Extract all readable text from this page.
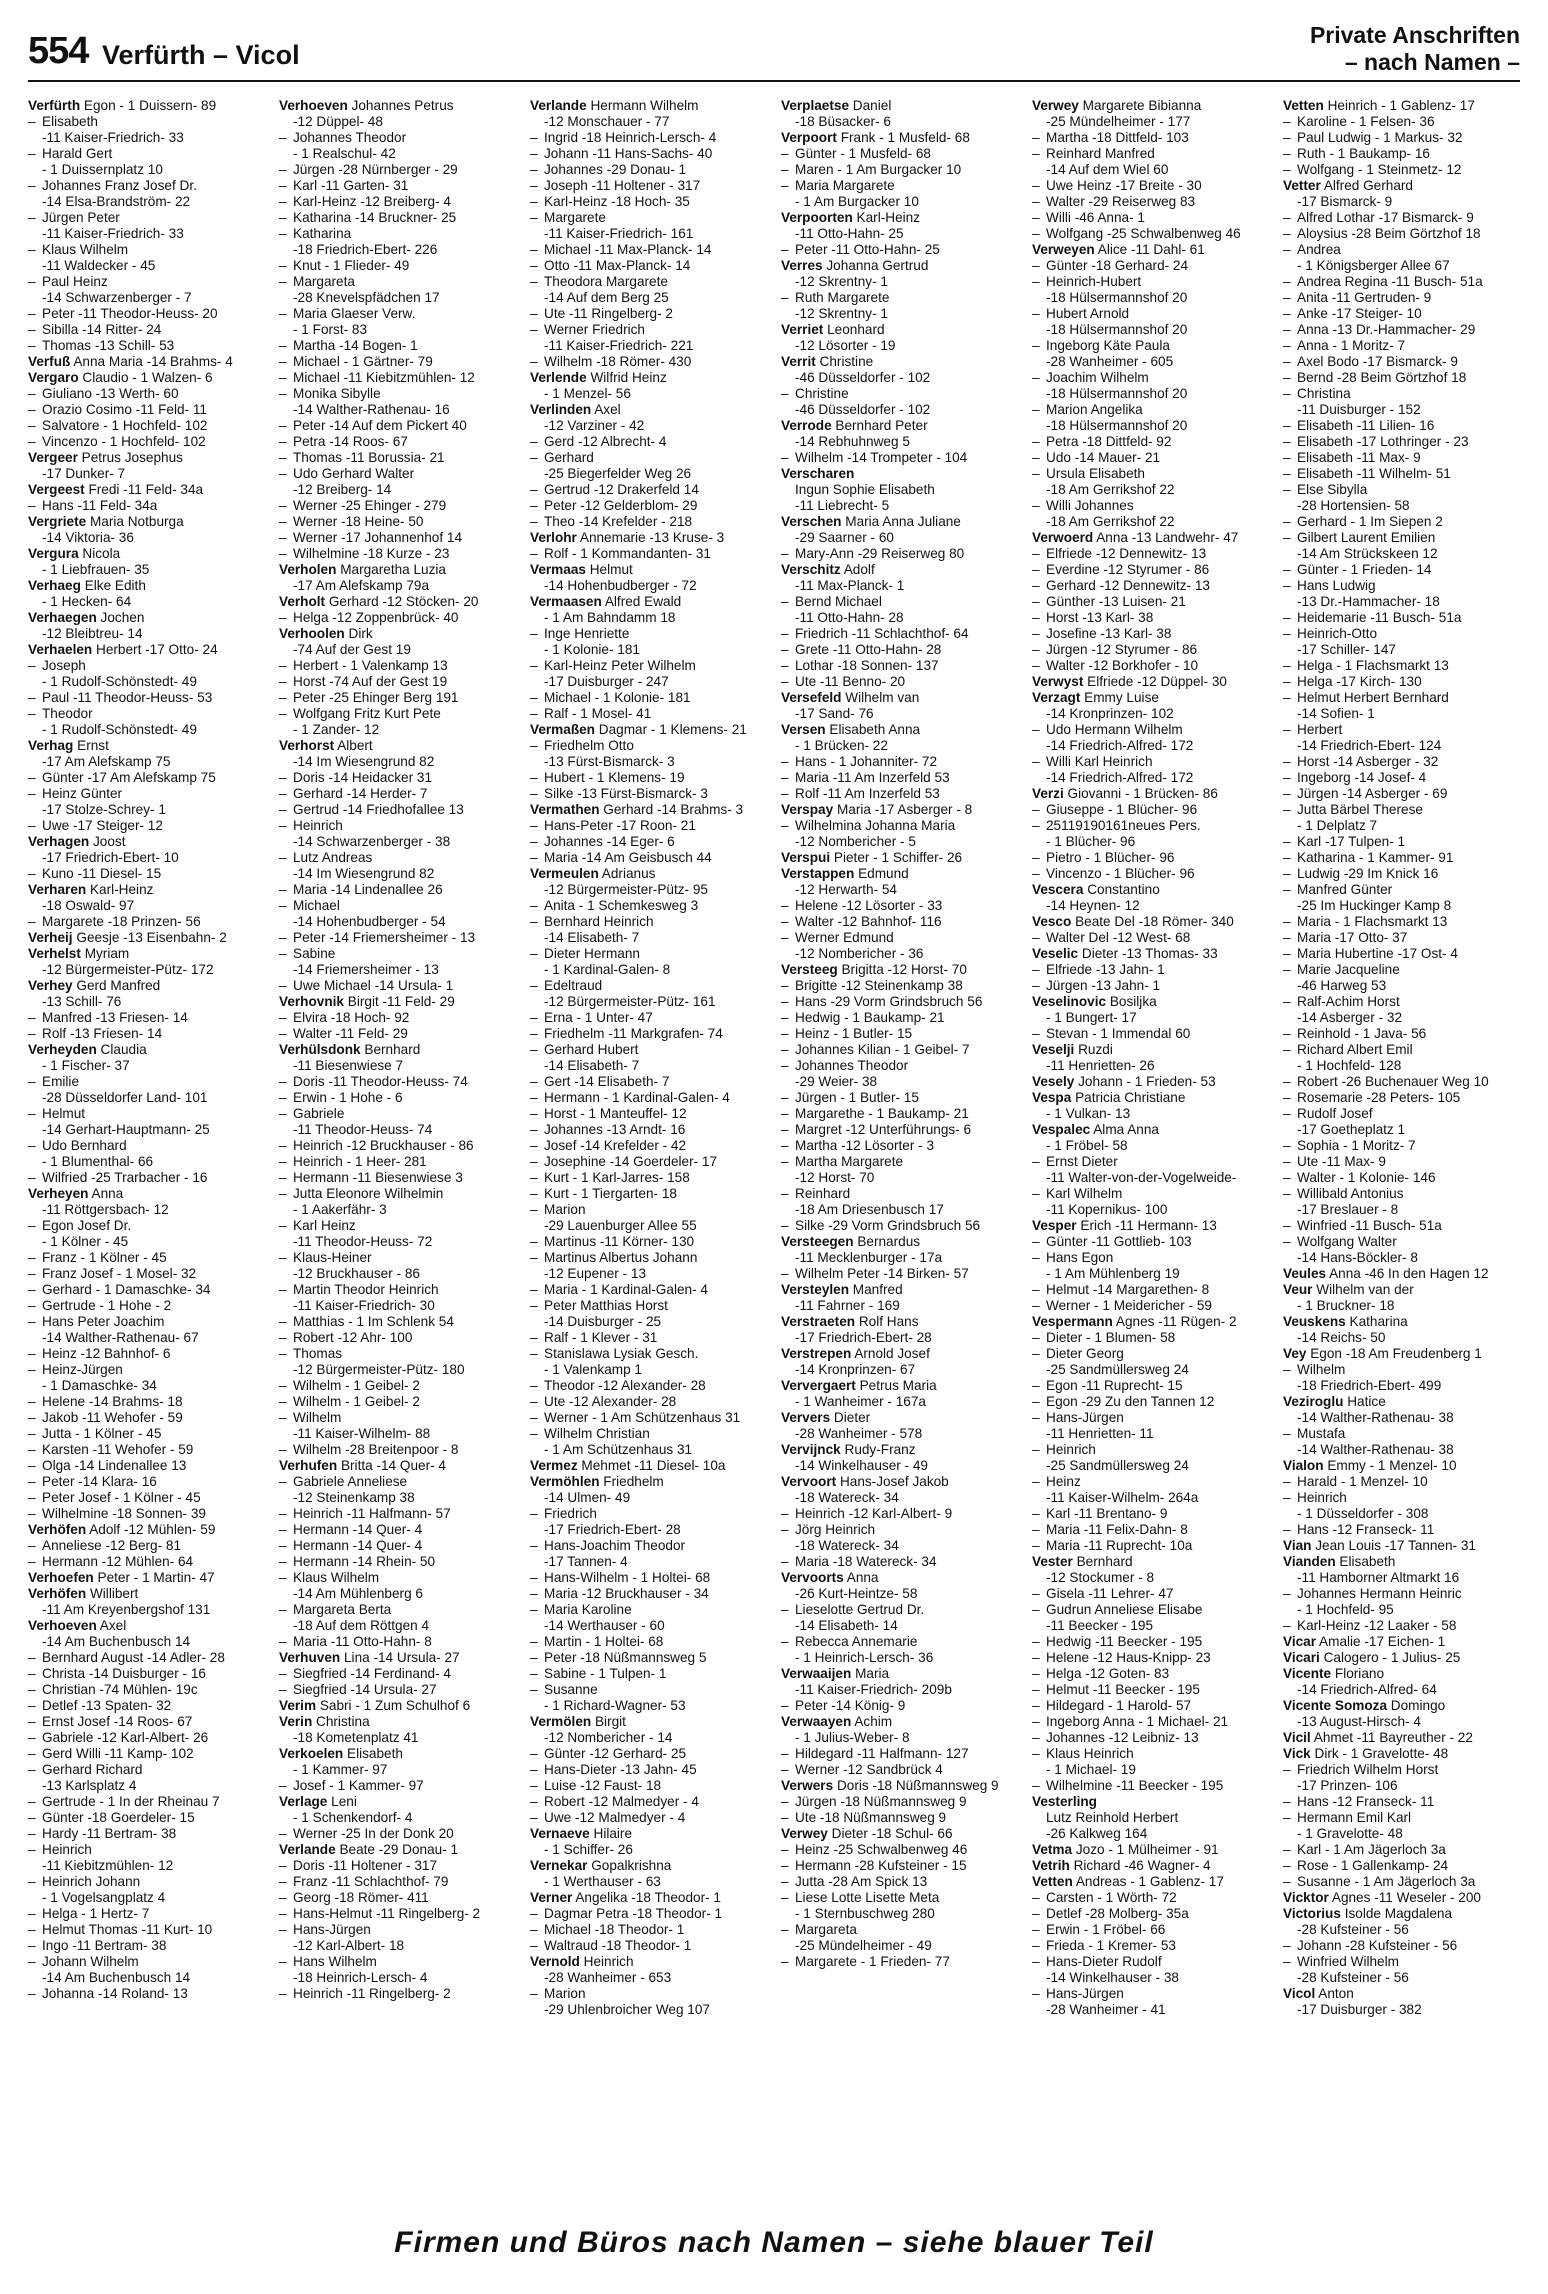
554 Verfürth – Vicol
Private Anschriften
– nach Namen –
Verfürth Egon - 1 Duissern- 89
– Elisabeth
-11 Kaiser-Friedrich- 33
– Harald Gert
- 1 Duissernplatz 10
– Johannes Franz Josef Dr.
-14 Elsa-Brandström- 22
– Jürgen Peter
-11 Kaiser-Friedrich- 33
– Klaus Wilhelm
-11 Waldecker - 45
– Paul Heinz
-14 Schwarzenberger - 7
– Peter -11 Theodor-Heuss- 20
– Sibilla -14 Ritter- 24
– Thomas -13 Schill- 53
Verfuß Anna Maria -14 Brahms- 4
Vergaro Claudio - 1 Walzen- 6
– Giuliano -13 Werth- 60
– Orazio Cosimo -11 Feld- 11
– Salvatore - 1 Hochfeld- 102
– Vincenzo - 1 Hochfeld- 102
Vergeer Petrus Josephus
-17 Dunker- 7
Vergeest Fredi -11 Feld- 34a
– Hans -11 Feld- 34a
Vergriete Maria Notburga
-14 Viktoria- 36
Vergura Nicola
- 1 Liebfrauen- 35
Verhaeg Elke Edith
- 1 Hecken- 64
Verhaegen Jochen
-12 Bleibtreu- 14
Verhaelen Herbert -17 Otto- 24
– Joseph
- 1 Rudolf-Schönstedt- 49
– Paul -11 Theodor-Heuss- 53
– Theodor
- 1 Rudolf-Schönstedt- 49
Verhag Ernst
-17 Am Alefskamp 75
– Günter -17 Am Alefskamp 75
– Heinz Günter
-17 Stolze-Schrey- 1
– Uwe -17 Steiger- 12
Verhagen Joost
-17 Friedrich-Ebert- 10
– Kuno -11 Diesel- 15
Verharen Karl-Heinz
-18 Oswald- 97
– Margarete -18 Prinzen- 56
Verheij Geesje -13 Eisenbahn- 2
Verhelst Myriam
-12 Bürgermeister-Pütz- 172
Verhey Gerd Manfred
-13 Schill- 76
– Manfred -13 Friesen- 14
– Rolf -13 Friesen- 14
Verheyden Claudia
- 1 Fischer- 37
– Emilie
-28 Düsseldorfer Land- 101
– Helmut
-14 Gerhart-Hauptmann- 25
– Udo Bernhard
- 1 Blumenthal- 66
– Wilfried -25 Trarbacher - 16
Verheyen Anna
-11 Röttgersbach- 12
– Egon Josef Dr.
- 1 Kölner - 45
– Franz - 1 Kölner - 45
– Franz Josef - 1 Mosel- 32
– Gerhard - 1 Damaschke- 34
– Gertrude - 1 Hohe - 2
– Hans Peter Joachim
-14 Walther-Rathenau- 67
– Heinz -12 Bahnhof- 6
– Heinz-Jürgen
- 1 Damaschke- 34
– Helene -14 Brahms- 18
– Jakob -11 Wehofer - 59
– Jutta - 1 Kölner - 45
– Karsten -11 Wehofer - 59
– Olga -14 Lindenallee 13
– Peter -14 Klara- 16
– Peter Josef - 1 Kölner - 45
– Wilhelmine -18 Sonnen- 39
Verhöfen Adolf -12 Mühlen- 59
– Anneliese -12 Berg- 81
– Hermann -12 Mühlen- 64
Verhoefen Peter - 1 Martin- 47
Verhöfen Willibert
-11 Am Kreyenbergshof 131
Verhoeven Axel
-14 Am Buchenbusch 14
– Bernhard August -14 Adler- 28
– Christa -14 Duisburger - 16
– Christian -74 Mühlen- 19c
– Detlef -13 Spaten- 32
– Ernst Josef -14 Roos- 67
– Gabriele -12 Karl-Albert- 26
– Gerd Willi -11 Kamp- 102
– Gerhard Richard
-13 Karlsplatz 4
– Gertrude - 1 In der Rheinau 7
– Günter -18 Goerdeler- 15
– Hardy -11 Bertram- 38
– Heinrich
-11 Kiebitzmühlen- 12
– Heinrich Johann
- 1 Vogelsangplatz 4
– Helga - 1 Hertz- 7
– Helmut Thomas -11 Kurt- 10
– Ingo -11 Bertram- 38
– Johann Wilhelm
-14 Am Buchenbusch 14
– Johanna -14 Roland- 13
Verhoeven Johannes Petrus
-12 Düppel- 48
– Johannes Theodor
- 1 Realschul- 42
– Jürgen -28 Nürnberger - 29
– Karl -11 Garten- 31
– Karl-Heinz -12 Breiberg- 4
– Katharina -14 Bruckner- 25
– Katharina
-18 Friedrich-Ebert- 226
– Knut - 1 Flieder- 49
– Margareta
-28 Knevelspfädchen 17
– Maria Glaeser Verw.
- 1 Forst- 83
– Martha -14 Bogen- 1
– Michael - 1 Gärtner- 79
– Michael -11 Kiebitzmühlen- 12
– Monika Sibylle
-14 Walther-Rathenau- 16
– Peter -14 Auf dem Pickert 40
– Petra -14 Roos- 67
– Thomas -11 Borussia- 21
– Udo Gerhard Walter
-12 Breiberg- 14
– Werner -25 Ehinger - 279
– Werner -18 Heine- 50
– Werner -17 Johannenhof 14
– Wilhelmine -18 Kurze - 23
Verholen Margaretha Luzia
-17 Am Alefskamp 79a
Verholt Gerhard -12 Stöcken- 20
– Helga -12 Zoppenbrück- 40
Verhoolen Dirk
-74 Auf der Gest 19
– Herbert - 1 Valenkamp 13
– Horst -74 Auf der Gest 19
– Peter -25 Ehinger Berg 191
– Wolfgang Fritz Kurt Pete
- 1 Zander- 12
Verhorst Albert
-14 Im Wiesengrund 82
– Doris -14 Heidacker 31
– Gerhard -14 Herder- 7
– Gertrud -14 Friedhofallee 13
– Heinrich
-14 Schwarzenberger - 38
– Lutz Andreas
-14 Im Wiesengrund 82
– Maria -14 Lindenallee 26
– Michael
-14 Hohenbudberger - 54
– Peter -14 Friemersheimer - 13
– Sabine
-14 Friemersheimer - 13
– Uwe Michael -14 Ursula- 1
Verhovnik Birgit -11 Feld- 29
– Elvira -18 Hoch- 92
– Walter -11 Feld- 29
Verhülsdonk Bernhard
-11 Biesenwiese 7
– Doris -11 Theodor-Heuss- 74
– Erwin - 1 Hohe - 6
– Gabriele
-11 Theodor-Heuss- 74
– Heinrich -12 Bruckhauser - 86
– Heinrich - 1 Heer- 281
– Hermann -11 Biesenwiese 3
– Jutta Eleonore Wilhelmin
- 1 Aakerfähr- 3
– Karl Heinz
-11 Theodor-Heuss- 72
– Klaus-Heiner
-12 Bruckhauser - 86
– Martin Theodor Heinrich
-11 Kaiser-Friedrich- 30
– Matthias - 1 Im Schlenk 54
– Robert -12 Ahr- 100
– Thomas
-12 Bürgermeister-Pütz- 180
– Wilhelm - 1 Geibel- 2
– Wilhelm - 1 Geibel- 2
– Wilhelm
-11 Kaiser-Wilhelm- 88
– Wilhelm -28 Breitenpoor - 8
Verhufen Britta -14 Quer- 4
– Gabriele Anneliese
-12 Steinenkamp 38
– Heinrich -11 Halfmann- 57
– Hermann -14 Quer- 4
– Hermann -14 Quer- 4
– Hermann -14 Rhein- 50
– Klaus Wilhelm
-14 Am Mühlenberg 6
– Margareta Berta
-18 Auf dem Röttgen 4
– Maria -11 Otto-Hahn- 8
Verhuven Lina -14 Ursula- 27
– Siegfried -14 Ferdinand- 4
– Siegfried -14 Ursula- 27
Verim Sabri - 1 Zum Schulhof 6
Verin Christina
-18 Kometenplatz 41
Verkoelen Elisabeth
- 1 Kammer- 97
– Josef - 1 Kammer- 97
Verlage Leni
- 1 Schenkendorf- 4
– Werner -25 In der Donk 20
Verlande Beate -29 Donau- 1
– Doris -11 Holtener - 317
– Franz -11 Schlachthof- 79
– Georg -18 Römer- 411
– Hans-Helmut -11 Ringelberg- 2
– Hans-Jürgen
-12 Karl-Albert- 18
– Hans Wilhelm
-18 Heinrich-Lersch- 4
– Heinrich -11 Ringelberg- 2
Verlande Hermann Wilhelm
-12 Monschauer - 77
– Ingrid -18 Heinrich-Lersch- 4
– Johann -11 Hans-Sachs- 40
– Johannes -29 Donau- 1
– Joseph -11 Holtener - 317
– Karl-Heinz -18 Hoch- 35
– Margarete
-11 Kaiser-Friedrich- 161
– Michael -11 Max-Planck- 14
– Otto -11 Max-Planck- 14
– Theodora Margarete
-14 Auf dem Berg 25
– Ute -11 Ringelberg- 2
– Werner Friedrich
-11 Kaiser-Friedrich- 221
– Wilhelm -18 Römer- 430
Verlende Wilfrid Heinz
- 1 Menzel- 56
Verlinden Axel
-12 Varziner - 42
– Gerd -12 Albrecht- 4
– Gerhard
-25 Biegerfelder Weg 26
– Gertrud -12 Drakerfeld 14
– Peter -12 Gelderblom- 29
– Theo -14 Krefelder - 218
Verlohr Annemarie -13 Kruse- 3
– Rolf - 1 Kommandanten- 31
Vermaas Helmut
-14 Hohenbudberger - 72
Vermaasen Alfred Ewald
- 1 Am Bahndamm 18
– Inge Henriette
- 1 Kolonie- 181
– Karl-Heinz Peter Wilhelm
-17 Duisburger - 247
– Michael - 1 Kolonie- 181
– Ralf - 1 Mosel- 41
Vermaßen Dagmar - 1 Klemens- 21
– Friedhelm Otto
-13 Fürst-Bismarck- 3
– Hubert - 1 Klemens- 19
– Silke -13 Fürst-Bismarck- 3
Vermathen Gerhard -14 Brahms- 3
– Hans-Peter -17 Roon- 21
– Johannes -14 Eger- 6
– Maria -14 Am Geisbusch 44
Vermeulen Adrianus
-12 Bürgermeister-Pütz- 95
– Anita - 1 Schemkesweg 3
– Bernhard Heinrich
-14 Elisabeth- 7
– Dieter Hermann
- 1 Kardinal-Galen- 8
– Edeltraud
-12 Bürgermeister-Pütz- 161
– Erna - 1 Unter- 47
– Friedhelm -11 Markgrafen- 74
– Gerhard Hubert
-14 Elisabeth- 7
– Gert -14 Elisabeth- 7
– Hermann - 1 Kardinal-Galen- 4
– Horst - 1 Manteuffel- 12
– Johannes -13 Arndt- 16
– Josef -14 Krefelder - 42
– Josephine -14 Goerdeler- 17
– Kurt - 1 Karl-Jarres- 158
– Kurt - 1 Tiergarten- 18
– Marion
-29 Lauenburger Allee 55
– Martinus -11 Körner- 130
– Martinus Albertus Johann
-12 Eupener - 13
– Maria - 1 Kardinal-Galen- 4
– Peter Matthias Horst
-14 Duisburger - 25
– Ralf - 1 Klever - 31
– Stanislawa Lysiak Gesch.
- 1 Valenkamp 1
– Theodor -12 Alexander- 28
– Ute -12 Alexander- 28
– Werner - 1 Am Schützenhaus 31
– Wilhelm Christian
- 1 Am Schützenhaus 31
Vermez Mehmet -11 Diesel- 10a
Vermöhlen Friedhelm
-14 Ulmen- 49
– Friedrich
-17 Friedrich-Ebert- 28
– Hans-Joachim Theodor
-17 Tannen- 4
– Hans-Wilhelm - 1 Holtei- 68
– Maria -12 Bruckhauser - 34
– Maria Karoline
-14 Werthauser - 60
– Martin - 1 Holtei- 68
– Peter -18 Nüßmannsweg 5
– Sabine - 1 Tulpen- 1
– Susanne
- 1 Richard-Wagner- 53
Vermölen Birgit
-12 Nombericher - 14
– Günter -12 Gerhard- 25
– Hans-Dieter -13 Jahn- 45
– Luise -12 Faust- 18
– Robert -12 Malmedyer - 4
– Uwe -12 Malmedyer - 4
Vernaeve Hilaire
- 1 Schiffer- 26
Vernekar Gopalkrishna
- 1 Werthauser - 63
Verner Angelika -18 Theodor- 1
– Dagmar Petra -18 Theodor- 1
– Michael -18 Theodor- 1
– Waltraud -18 Theodor- 1
Vernold Heinrich
-28 Wanheimer - 653
– Marion
-29 Uhlenbroicher Weg 107
Verplaetse Daniel
-18 Büsacker- 6
Verpoort Frank - 1 Musfeld- 68
– Günter - 1 Musfeld- 68
– Maren - 1 Am Burgacker 10
– Maria Margarete
- 1 Am Burgacker 10
Verpoorten Karl-Heinz
-11 Otto-Hahn- 25
– Peter -11 Otto-Hahn- 25
Verres Johanna Gertrud
-12 Skrentny- 1
– Ruth Margarete
-12 Skrentny- 1
Verriet Leonhard
-12 Lösorter - 19
Verrit Christine
-46 Düsseldorfer - 102
– Christine
-46 Düsseldorfer - 102
Verrode Bernhard Peter
-14 Rebhuhnweg 5
– Wilhelm -14 Trompeter - 104
Verscharen
Ingun Sophie Elisabeth
-11 Liebrecht- 5
Verschen Maria Anna Juliane
-29 Saarner - 60
– Mary-Ann -29 Reiserweg 80
Verschitz Adolf
-11 Max-Planck- 1
– Bernd Michael
-11 Otto-Hahn- 28
– Friedrich -11 Schlachthof- 64
– Grete -11 Otto-Hahn- 28
– Lothar -18 Sonnen- 137
– Ute -11 Benno- 20
Versefeld Wilhelm van
-17 Sand- 76
Versen Elisabeth Anna
- 1 Brücken- 22
– Hans - 1 Johanniter- 72
– Maria -11 Am Inzerfeld 53
– Rolf -11 Am Inzerfeld 53
Verspay Maria -17 Asberger - 8
– Wilhelmina Johanna Maria
-12 Nombericher - 5
Verspui Pieter - 1 Schiffer- 26
Verstappen Edmund
-12 Herwarth- 54
– Helene -12 Lösorter - 33
– Walter -12 Bahnhof- 116
– Werner Edmund
-12 Nombericher - 36
Versteeg Brigitta -12 Horst- 70
– Brigitte -12 Steinenkamp 38
– Hans -29 Vorm Grindsbruch 56
– Hedwig - 1 Baukamp- 21
– Heinz - 1 Butler- 15
– Johannes Kilian - 1 Geibel- 7
– Johannes Theodor
-29 Weier- 38
– Jürgen - 1 Butler- 15
– Margarethe - 1 Baukamp- 21
– Margret -12 Unterführungs- 6
– Martha -12 Lösorter - 3
– Martha Margarete
-12 Horst- 70
– Reinhard
-18 Am Driesenbusch 17
– Silke -29 Vorm Grindsbruch 56
Versteegen Bernardus
-11 Mecklenburger - 17a
– Wilhelm Peter -14 Birken- 57
Versteylen Manfred
-11 Fahrner - 169
Verstraeten Rolf Hans
-17 Friedrich-Ebert- 28
Verstrepen Arnold Josef
-14 Kronprinzen- 67
Ververgaert Petrus Maria
- 1 Wanheimer - 167a
Ververs Dieter
-28 Wanheimer - 578
Vervijnck Rudy-Franz
-14 Winkelhauser - 49
Vervoort Hans-Josef Jakob
-18 Watereck- 34
– Heinrich -12 Karl-Albert- 9
– Jörg Heinrich
-18 Watereck- 34
– Maria -18 Watereck- 34
Vervoorts Anna
-26 Kurt-Heintze- 58
– Lieselotte Gertrud Dr.
-14 Elisabeth- 14
– Rebecca Annemarie
- 1 Heinrich-Lersch- 36
Verwaaijen Maria
-11 Kaiser-Friedrich- 209b
– Peter -14 König- 9
Verwaayen Achim
- 1 Julius-Weber- 8
– Hildegard -11 Halfmann- 127
– Werner -12 Sandbrück 4
Verwers Doris -18 Nüßmannsweg 9
– Jürgen -18 Nüßmannsweg 9
– Ute -18 Nüßmannsweg 9
Verwey Dieter -18 Schul- 66
– Heinz -25 Schwalbenweg 46
– Hermann -28 Kufsteiner - 15
– Jutta -28 Am Spick 13
– Liese Lotte Lisette Meta
- 1 Sternbuschweg 280
– Margareta
-25 Mündelheimer - 49
– Margarete - 1 Frieden- 77
Verwey Margarete Bibianna
-25 Mündelheimer - 177
– Martha -18 Dittfeld- 103
– Reinhard Manfred
-14 Auf dem Wiel 60
– Uwe Heinz -17 Breite - 30
– Walter -29 Reiserweg 83
– Willi -46 Anna- 1
– Wolfgang -25 Schwalbenweg 46
Verweyen Alice -11 Dahl- 61
– Günter -18 Gerhard- 24
– Heinrich-Hubert
-18 Hülsermannshof 20
– Hubert Arnold
-18 Hülsermannshof 20
– Ingeborg Käte Paula
-28 Wanheimer - 605
– Joachim Wilhelm
-18 Hülsermannshof 20
– Marion Angelika
-18 Hülsermannshof 20
– Petra -18 Dittfeld- 92
– Udo -14 Mauer- 21
– Ursula Elisabeth
-18 Am Gerrikshof 22
– Willi Johannes
-18 Am Gerrikshof 22
Verwoerd Anna -13 Landwehr- 47
– Elfriede -12 Dennewitz- 13
– Everdine -12 Styrumer - 86
– Gerhard -12 Dennewitz- 13
– Günther -13 Luisen- 21
– Horst -13 Karl- 38
– Josefine -13 Karl- 38
– Jürgen -12 Styrumer - 86
– Walter -12 Borkhofer - 10
Verwyst Elfriede -12 Düppel- 30
Verzagt Emmy Luise
-14 Kronprinzen- 102
– Udo Hermann Wilhelm
-14 Friedrich-Alfred- 172
– Willi Karl Heinrich
-14 Friedrich-Alfred- 172
Verzi Giovanni - 1 Brücken- 86
– Giuseppe - 1 Blücher- 96
– 25119190161neues Pers.
- 1 Blücher- 96
– Pietro - 1 Blücher- 96
– Vincenzo - 1 Blücher- 96
Vescera Constantino
-14 Heynen- 12
Vesco Beate Del -18 Römer- 340
– Walter Del -12 West- 68
Veselic Dieter -13 Thomas- 33
– Elfriede -13 Jahn- 1
– Jürgen -13 Jahn- 1
Veselinovic Bosiljka
- 1 Bungert- 17
– Stevan - 1 Immendal 60
Veselji Ruzdi
-11 Henrietten- 26
Vesely Johann - 1 Frieden- 53
Vespa Patricia Christiane
- 1 Vulkan- 13
Vespalec Alma Anna
- 1 Fröbel- 58
– Ernst Dieter
-11 Walter-von-der-Vogelweide-
– Karl Wilhelm
-11 Kopernikus- 100
Vesper Erich -11 Hermann- 13
– Günter -11 Gottlieb- 103
– Hans Egon
- 1 Am Mühlenberg 19
– Helmut -14 Margarethen- 8
– Werner - 1 Meidericher - 59
Vespermann Agnes -11 Rügen- 2
– Dieter - 1 Blumen- 58
– Dieter Georg
-25 Sandmüllersweg 24
– Egon -11 Ruprecht- 15
– Egon -29 Zu den Tannen 12
– Hans-Jürgen
-11 Henrietten- 11
– Heinrich
-25 Sandmüllersweg 24
– Heinz
-11 Kaiser-Wilhelm- 264a
– Karl -11 Brentano- 9
– Maria -11 Felix-Dahn- 8
– Maria -11 Ruprecht- 10a
Vester Bernhard
-12 Stockumer - 8
– Gisela -11 Lehrer- 47
– Gudrun Anneliese Elisabe
-11 Beecker - 195
– Hedwig -11 Beecker - 195
– Helene -12 Haus-Knipp- 23
– Helga -12 Goten- 83
– Helmut -11 Beecker - 195
– Hildegard - 1 Harold- 57
– Ingeborg Anna - 1 Michael- 21
– Johannes -12 Leibniz- 13
– Klaus Heinrich
- 1 Michael- 19
– Wilhelmine -11 Beecker - 195
Vesterling
Lutz Reinhold Herbert
-26 Kalkweg 164
Vetma Jozo - 1 Mülheimer - 91
Vetrih Richard -46 Wagner- 4
Vetten Andreas - 1 Gablenz- 17
– Carsten - 1 Wörth- 72
– Detlef -28 Molberg- 35a
– Erwin - 1 Fröbel- 66
– Frieda - 1 Kremer- 53
– Hans-Dieter Rudolf
-14 Winkelhauser - 38
– Hans-Jürgen
-28 Wanheimer - 41
Vetten Heinrich - 1 Gablenz- 17
– Karoline - 1 Felsen- 36
– Paul Ludwig - 1 Markus- 32
– Ruth - 1 Baukamp- 16
– Wolfgang - 1 Steinmetz- 12
Vetter Alfred Gerhard
-17 Bismarck- 9
– Alfred Lothar -17 Bismarck- 9
– Aloysius -28 Beim Görtzhof 18
– Andrea
- 1 Königsberger Allee 67
– Andrea Regina -11 Busch- 51a
– Anita -11 Gertruden- 9
– Anke -17 Steiger- 10
– Anna -13 Dr.-Hammacher- 29
– Anna - 1 Moritz- 7
– Axel Bodo -17 Bismarck- 9
– Bernd -28 Beim Görtzhof 18
– Christina
-11 Duisburger - 152
– Elisabeth -11 Lilien- 16
– Elisabeth -17 Lothringer - 23
– Elisabeth -11 Max- 9
– Elisabeth -11 Wilhelm- 51
– Else Sibylla
-28 Hortensien- 58
– Gerhard - 1 Im Siepen 2
– Gilbert Laurent Emilien
-14 Am Strückskeen 12
– Günter - 1 Frieden- 14
– Hans Ludwig
-13 Dr.-Hammacher- 18
– Heidemarie -11 Busch- 51a
– Heinrich-Otto
-17 Schiller- 147
– Helga - 1 Flachsmarkt 13
– Helga -17 Kirch- 130
– Helmut Herbert Bernhard
-14 Sofien- 1
– Herbert
-14 Friedrich-Ebert- 124
– Horst -14 Asberger - 32
– Ingeborg -14 Josef- 4
– Jürgen -14 Asberger - 69
– Jutta Bärbel Therese
- 1 Delplatz 7
– Karl -17 Tulpen- 1
– Katharina - 1 Kammer- 91
– Ludwig -29 Im Knick 16
– Manfred Günter
-25 Im Huckinger Kamp 8
– Maria - 1 Flachsmarkt 13
– Maria -17 Otto- 37
– Maria Hubertine -17 Ost- 4
– Marie Jacqueline
-46 Harweg 53
– Ralf-Achim Horst
-14 Asberger - 32
– Reinhold - 1 Java- 56
– Richard Albert Emil
- 1 Hochfeld- 128
– Robert -26 Buchenauer Weg 10
– Rosemarie -28 Peters- 105
– Rudolf Josef
-17 Goetheplatz 1
– Sophia - 1 Moritz- 7
– Ute -11 Max- 9
– Walter - 1 Kolonie- 146
– Willibald Antonius
-17 Breslauer - 8
– Winfried -11 Busch- 51a
– Wolfgang Walter
-14 Hans-Böckler- 8
Veules Anna -46 In den Hagen 12
Veur Wilhelm van der
- 1 Bruckner- 18
Veuskens Katharina
-14 Reichs- 50
Vey Egon -18 Am Freudenberg 1
– Wilhelm
-18 Friedrich-Ebert- 499
Veziroglu Hatice
-14 Walther-Rathenau- 38
– Mustafa
-14 Walther-Rathenau- 38
Vialon Emmy - 1 Menzel- 10
– Harald - 1 Menzel- 10
– Heinrich
- 1 Düsseldorfer - 308
– Hans -12 Franseck- 11
Vian Jean Louis -17 Tannen- 31
Vianden Elisabeth
-11 Hamborner Altmarkt 16
– Johannes Hermann Heinric
- 1 Hochfeld- 95
– Karl-Heinz -12 Laaker - 58
Vicar Amalie -17 Eichen- 1
Vicari Calogero - 1 Julius- 25
Vicente Floriano
-14 Friedrich-Alfred- 64
Vicente Somoza Domingo
-13 August-Hirsch- 4
Vicil Ahmet -11 Bayreuther - 22
Vick Dirk - 1 Gravelotte- 48
– Friedrich Wilhelm Horst
-17 Prinzen- 106
– Hans -12 Franseck- 11
– Hermann Emil Karl
- 1 Gravelotte- 48
– Karl - 1 Am Jägerloch 3a
– Rose - 1 Gallenkamp- 24
– Susanne - 1 Am Jägerloch 3a
Vicktor Agnes -11 Weseler - 200
Victorius Isolde Magdalena
-28 Kufsteiner - 56
– Johann -28 Kufsteiner - 56
– Winfried Wilhelm
-28 Kufsteiner - 56
Vicol Anton
-17 Duisburger - 382
Firmen und Büros nach Namen – siehe blauer Teil
